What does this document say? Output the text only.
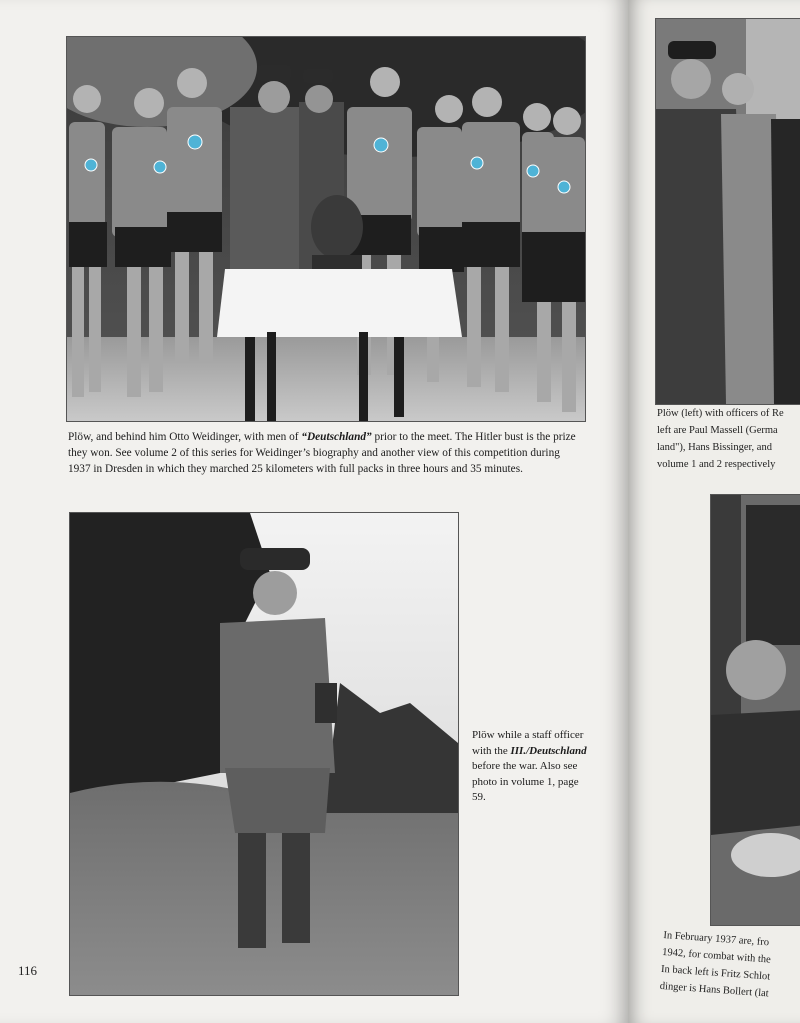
Plöw, and behind him Otto Weidinger, with men of “Deutschland” prior to the meet. The Hitler bust is the prize they won. See volume 2 of this series for Weidinger’s biography and another view of this competition during 1937 in Dresden in which they marched 25 kilometers with full packs in three hours and 35 minutes.

Plöw while a staff officer with the III./Deutschland before the war. Also see photo in volume 1, page 59.

116
Plöw (left) with officers of Re
left are Paul Massell (Germa
land"), Hans Bissinger, and
volume 1 and 2 respectively
In February 1937 are, fro
1942, for combat with the
In back left is Fritz Schlot
dinger is Hans Bollert (lat
